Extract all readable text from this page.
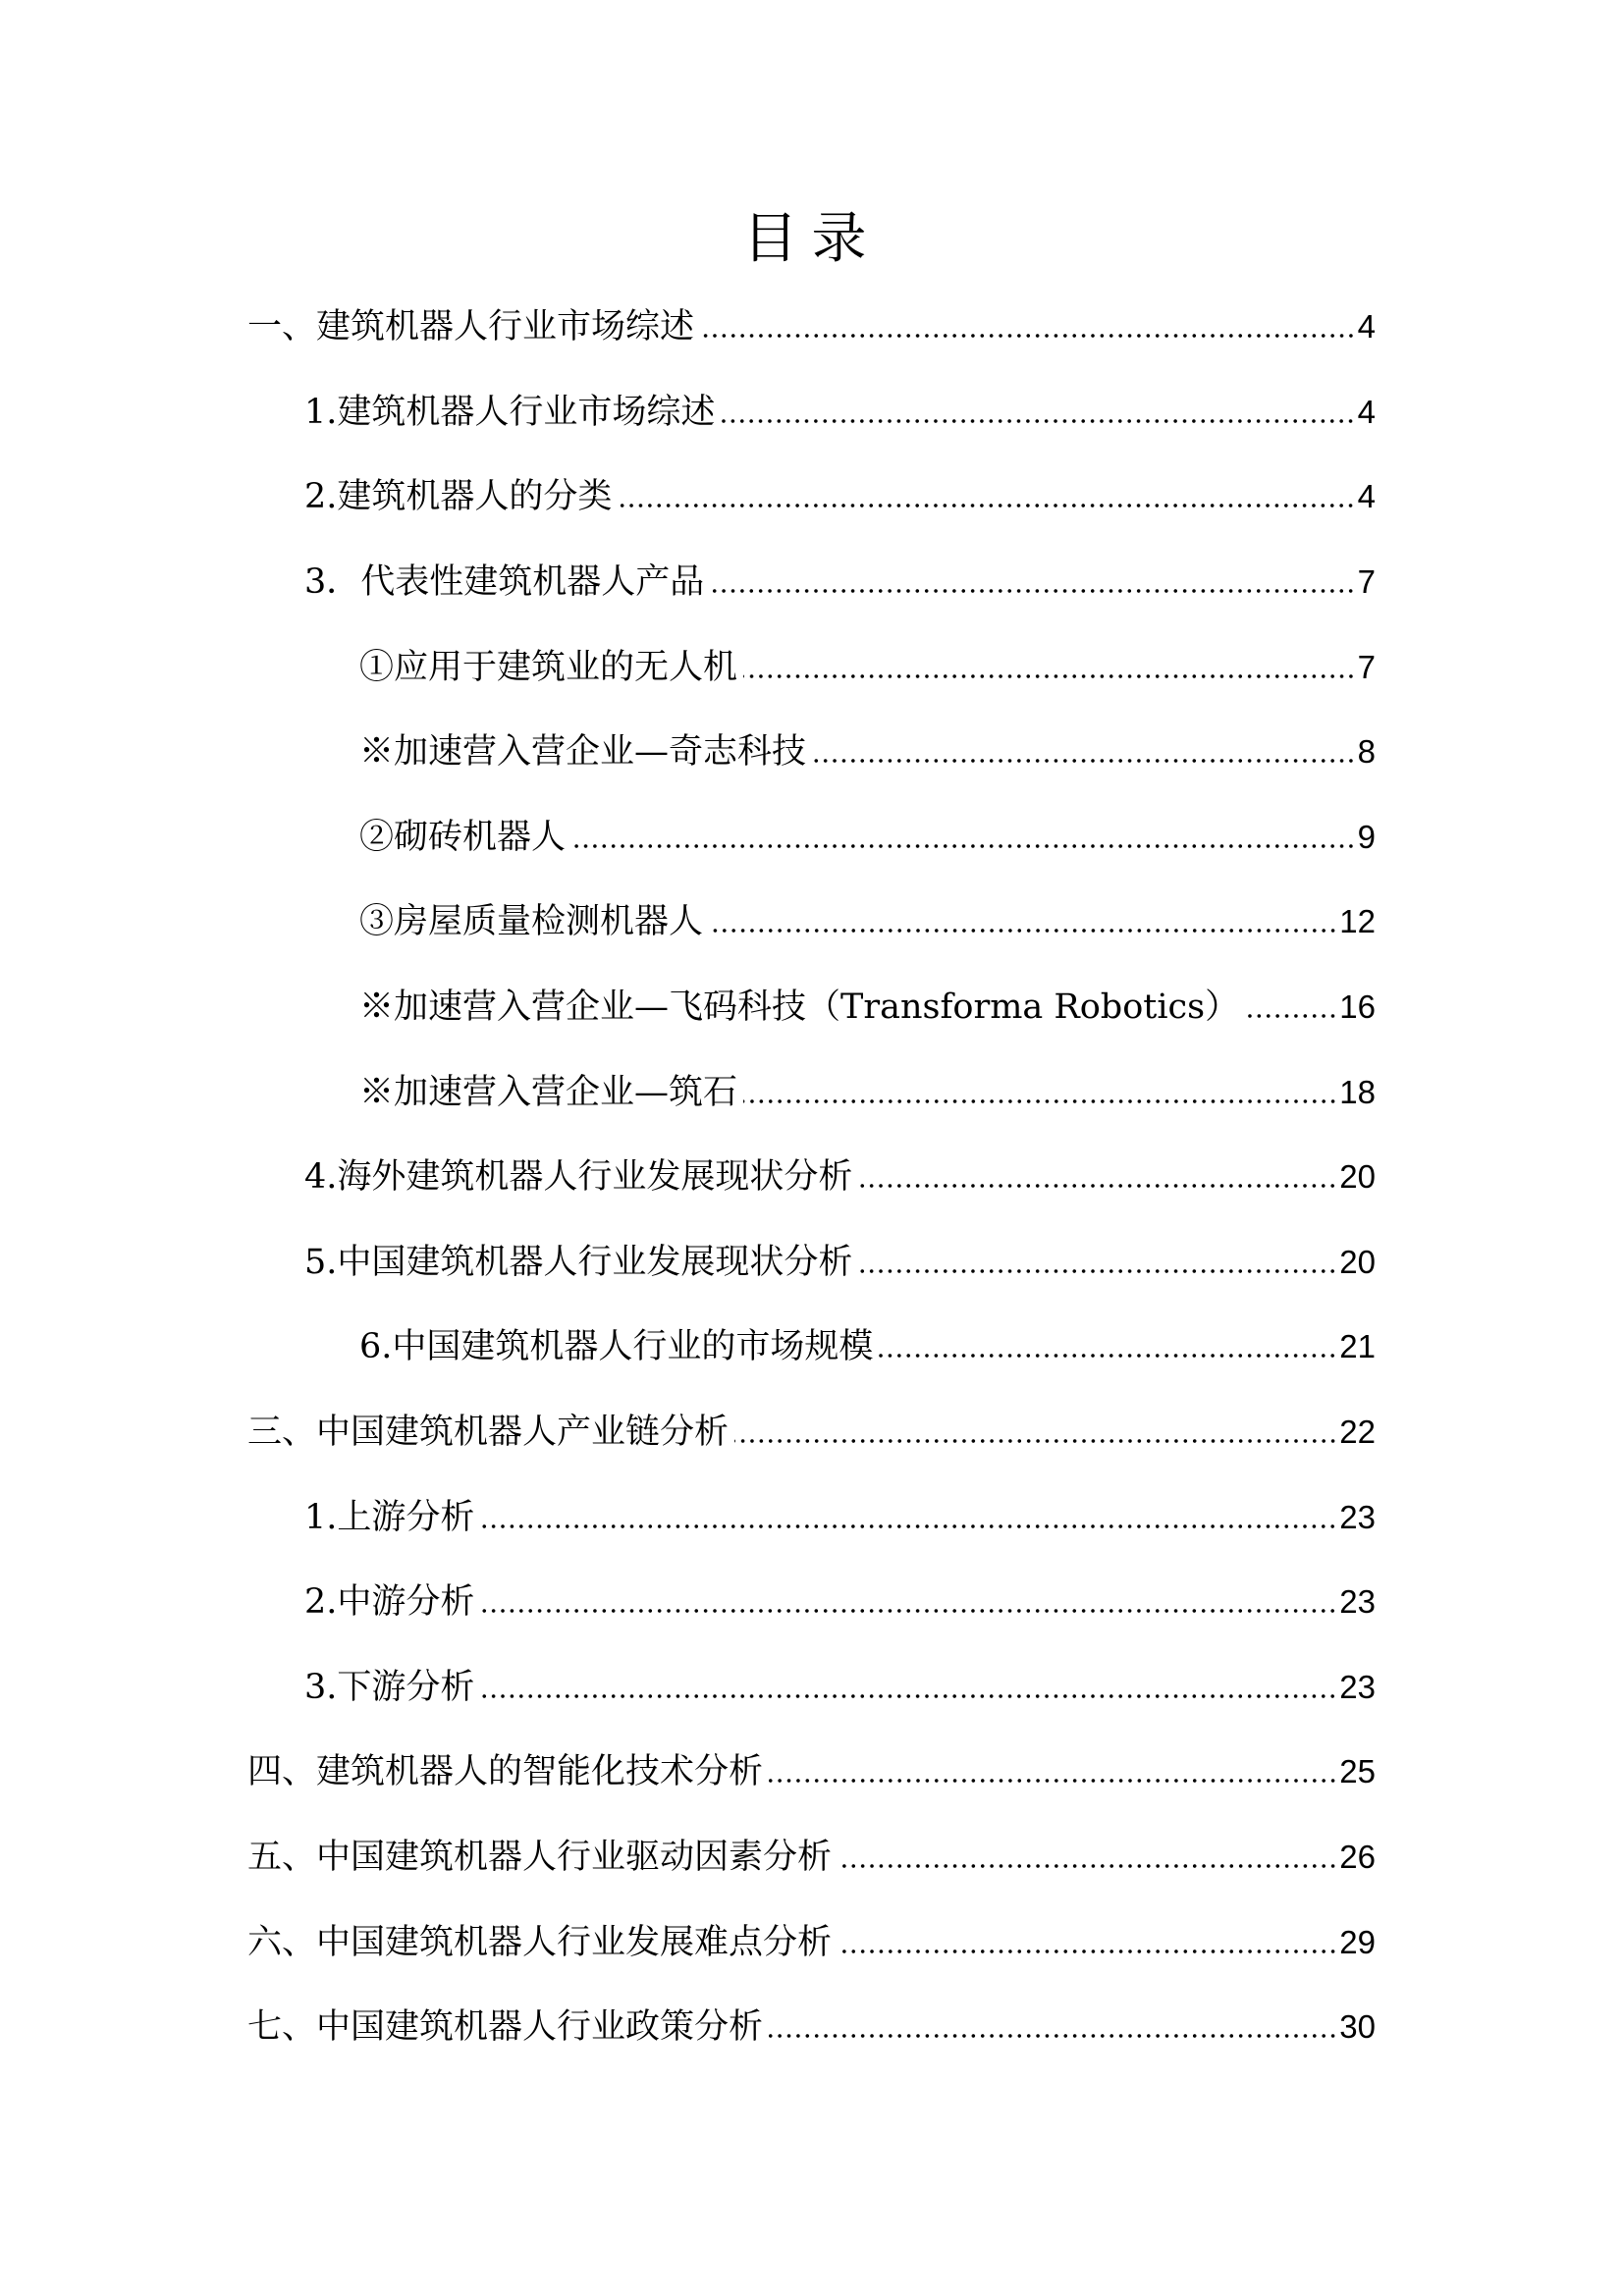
目录
一、建筑机器人行业市场综述	4
1.建筑机器人行业市场综述	4
2.建筑机器人的分类	4
3．代表性建筑机器人产品	7
①应用于建筑业的无人机	7
※加速营入营企业—奇志科技	8
②砌砖机器人	9
③房屋质量检测机器人	12
※加速营入营企业—飞码科技（Transforma Robotics）	16
※加速营入营企业—筑石	18
4.海外建筑机器人行业发展现状分析	20
5.中国建筑机器人行业发展现状分析	20
6.中国建筑机器人行业的市场规模	21
三、中国建筑机器人产业链分析	22
1.上游分析	23
2.中游分析	23
3.下游分析	23
四、建筑机器人的智能化技术分析	25
五、中国建筑机器人行业驱动因素分析	26
六、中国建筑机器人行业发展难点分析	29
七、中国建筑机器人行业政策分析	30
